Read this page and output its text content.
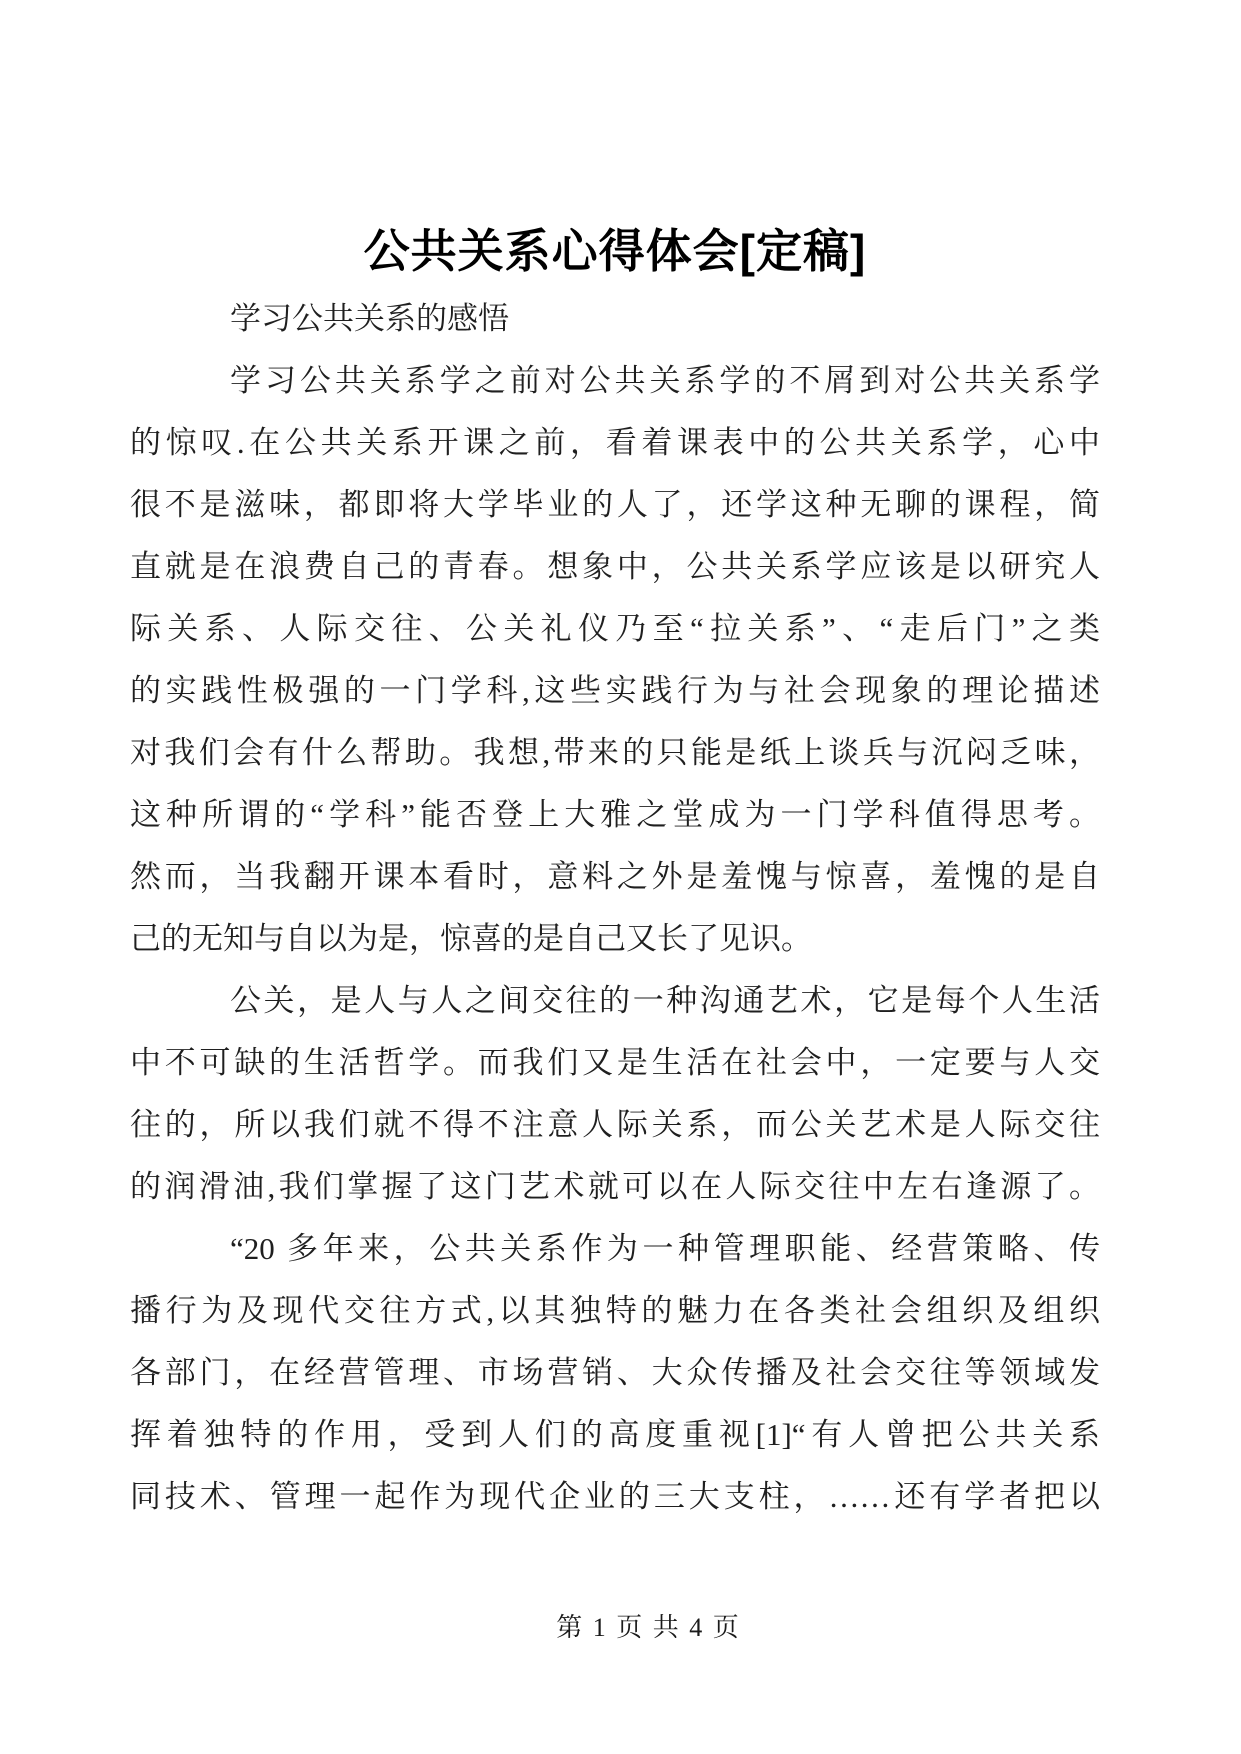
公共关系心得体会[定稿]
学习公共关系的感悟
学习公共关系学之前对公共关系学的不屑到对公共关系学
的惊叹.在公共关系开课之前，看着课表中的公共关系学，心中
很不是滋味，都即将大学毕业的人了，还学这种无聊的课程，简
直就是在浪费自己的青春。想象中，公共关系学应该是以研究人
际关系、人际交往、公关礼仪乃至“拉关系”、“走后门”之类
的实践性极强的一门学科,这些实践行为与社会现象的理论描述
对我们会有什么帮助。我想,带来的只能是纸上谈兵与沉闷乏味，
这种所谓的“学科”能否登上大雅之堂成为一门学科值得思考。
然而，当我翻开课本看时，意料之外是羞愧与惊喜，羞愧的是自
己的无知与自以为是，惊喜的是自己又长了见识。
公关，是人与人之间交往的一种沟通艺术，它是每个人生活
中不可缺的生活哲学。而我们又是生活在社会中，一定要与人交
往的，所以我们就不得不注意人际关系，而公关艺术是人际交往
的润滑油,我们掌握了这门艺术就可以在人际交往中左右逢源了。
“20 多年来，公共关系作为一种管理职能、经营策略、传
播行为及现代交往方式,以其独特的魅力在各类社会组织及组织
各部门，在经营管理、市场营销、大众传播及社会交往等领域发
挥着独特的作用，受到人们的高度重视[1]“有人曾把公共关系
同技术、管理一起作为现代企业的三大支柱，……还有学者把以
第 1 页 共 4 页
